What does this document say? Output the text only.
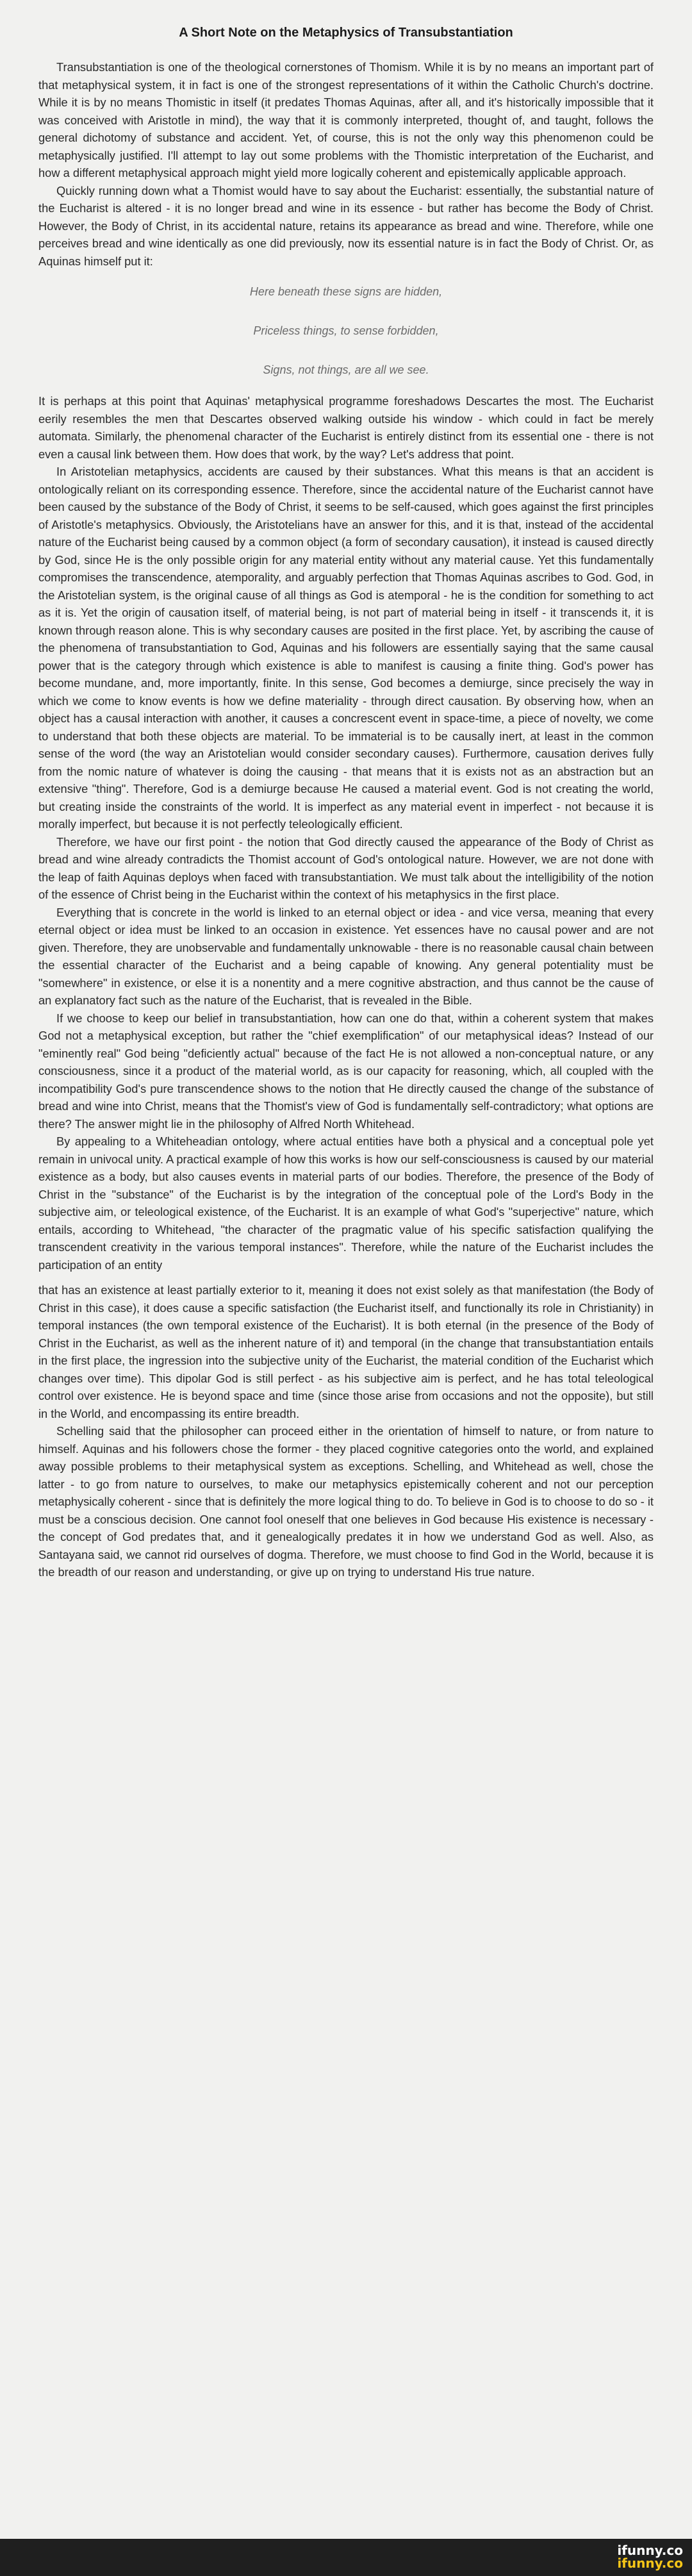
A Short Note on the Metaphysics of Transubstantiation

Transubstantiation is one of the theological cornerstones of Thomism. While it is by no means an important part of that metaphysical system, it in fact is one of the strongest representations of it within the Catholic Church's doctrine. While it is by no means Thomistic in itself (it predates Thomas Aquinas, after all, and it's historically impossible that it was conceived with Aristotle in mind), the way that it is commonly interpreted, thought of, and taught, follows the general dichotomy of substance and accident. Yet, of course, this is not the only way this phenomenon could be metaphysically justified. I'll attempt to lay out some problems with the Thomistic interpretation of the Eucharist, and how a different metaphysical approach might yield more logically coherent and epistemically applicable approach.

Quickly running down what a Thomist would have to say about the Eucharist: essentially, the substantial nature of the Eucharist is altered - it is no longer bread and wine in its essence - but rather has become the Body of Christ. However, the Body of Christ, in its accidental nature, retains its appearance as bread and wine. Therefore, while one perceives bread and wine identically as one did previously, now its essential nature is in fact the Body of Christ. Or, as Aquinas himself put it:

Here beneath these signs are hidden,

Priceless things, to sense forbidden,

Signs, not things, are all we see.

It is perhaps at this point that Aquinas' metaphysical programme foreshadows Descartes the most. The Eucharist eerily resembles the men that Descartes observed walking outside his window - which could in fact be merely automata. Similarly, the phenomenal character of the Eucharist is entirely distinct from its essential one - there is not even a causal link between them. How does that work, by the way? Let's address that point.

In Aristotelian metaphysics, accidents are caused by their substances. What this means is that an accident is ontologically reliant on its corresponding essence. Therefore, since the accidental nature of the Eucharist cannot have been caused by the substance of the Body of Christ, it seems to be self-caused, which goes against the first principles of Aristotle's metaphysics. Obviously, the Aristotelians have an answer for this, and it is that, instead of the accidental nature of the Eucharist being caused by a common object (a form of secondary causation), it instead is caused directly by God, since He is the only possible origin for any material entity without any material cause. Yet this fundamentally compromises the transcendence, atemporality, and arguably perfection that Thomas Aquinas ascribes to God. God, in the Aristotelian system, is the original cause of all things as God is atemporal - he is the condition for something to act as it is. Yet the origin of causation itself, of material being, is not part of material being in itself - it transcends it, it is known through reason alone. This is why secondary causes are posited in the first place. Yet, by ascribing the cause of the phenomena of transubstantiation to God, Aquinas and his followers are essentially saying that the same causal power that is the category through which existence is able to manifest is causing a finite thing. God's power has become mundane, and, more importantly, finite. In this sense, God becomes a demiurge, since precisely the way in which we come to know events is how we define materiality - through direct causation. By observing how, when an object has a causal interaction with another, it causes a concrescent event in space-time, a piece of novelty, we come to understand that both these objects are material. To be immaterial is to be causally inert, at least in the common sense of the word (the way an Aristotelian would consider secondary causes). Furthermore, causation derives fully from the nomic nature of whatever is doing the causing - that means that it is exists not as an abstraction but an extensive "thing". Therefore, God is a demiurge because He caused a material event. God is not creating the world, but creating inside the constraints of the world. It is imperfect as any material event in imperfect - not because it is morally imperfect, but because it is not perfectly teleologically efficient.

Therefore, we have our first point - the notion that God directly caused the appearance of the Body of Christ as bread and wine already contradicts the Thomist account of God's ontological nature. However, we are not done with the leap of faith Aquinas deploys when faced with transubstantiation. We must talk about the intelligibility of the notion of the essence of Christ being in the Eucharist within the context of his metaphysics in the first place.

Everything that is concrete in the world is linked to an eternal object or idea - and vice versa, meaning that every eternal object or idea must be linked to an occasion in existence. Yet essences have no causal power and are not given. Therefore, they are unobservable and fundamentally unknowable - there is no reasonable causal chain between the essential character of the Eucharist and a being capable of knowing. Any general potentiality must be "somewhere" in existence, or else it is a nonentity and a mere cognitive abstraction, and thus cannot be the cause of an explanatory fact such as the nature of the Eucharist, that is revealed in the Bible.

If we choose to keep our belief in transubstantiation, how can one do that, within a coherent system that makes God not a metaphysical exception, but rather the "chief exemplification" of our metaphysical ideas? Instead of our "eminently real" God being "deficiently actual" because of the fact He is not allowed a non-conceptual nature, or any consciousness, since it a product of the material world, as is our capacity for reasoning, which, all coupled with the incompatibility God's pure transcendence shows to the notion that He directly caused the change of the substance of bread and wine into Christ, means that the Thomist's view of God is fundamentally self-contradictory; what options are there? The answer might lie in the philosophy of Alfred North Whitehead.

By appealing to a Whiteheadian ontology, where actual entities have both a physical and a conceptual pole yet remain in univocal unity. A practical example of how this works is how our self-consciousness is caused by our material existence as a body, but also causes events in material parts of our bodies. Therefore, the presence of the Body of Christ in the "substance" of the Eucharist is by the integration of the conceptual pole of the Lord's Body in the subjective aim, or teleological existence, of the Eucharist. It is an example of what God's "superjective" nature, which entails, according to Whitehead, "the character of the pragmatic value of his specific satisfaction qualifying the transcendent creativity in the various temporal instances". Therefore, while the nature of the Eucharist includes the participation of an entity

that has an existence at least partially exterior to it, meaning it does not exist solely as that manifestation (the Body of Christ in this case), it does cause a specific satisfaction (the Eucharist itself, and functionally its role in Christianity) in temporal instances (the own temporal existence of the Eucharist). It is both eternal (in the presence of the Body of Christ in the Eucharist, as well as the inherent nature of it) and temporal (in the change that transubstantiation entails in the first place, the ingression into the subjective unity of the Eucharist, the material condition of the Eucharist which changes over time). This dipolar God is still perfect - as his subjective aim is perfect, and he has total teleological control over existence. He is beyond space and time (since those arise from occasions and not the opposite), but still in the World, and encompassing its entire breadth.

Schelling said that the philosopher can proceed either in the orientation of himself to nature, or from nature to himself. Aquinas and his followers chose the former - they placed cognitive categories onto the world, and explained away possible problems to their metaphysical system as exceptions. Schelling, and Whitehead as well, chose the latter - to go from nature to ourselves, to make our metaphysics epistemically coherent and not our perception metaphysically coherent - since that is definitely the more logical thing to do. To believe in God is to choose to do so - it must be a conscious decision. One cannot fool oneself that one believes in God because His existence is necessary - the concept of God predates that, and it genealogically predates it in how we understand God as well. Also, as Santayana said, we cannot rid ourselves of dogma. Therefore, we must choose to find God in the World, because it is the breadth of our reason and understanding, or give up on trying to understand His true nature.

ifunny.co
ifunny.co
